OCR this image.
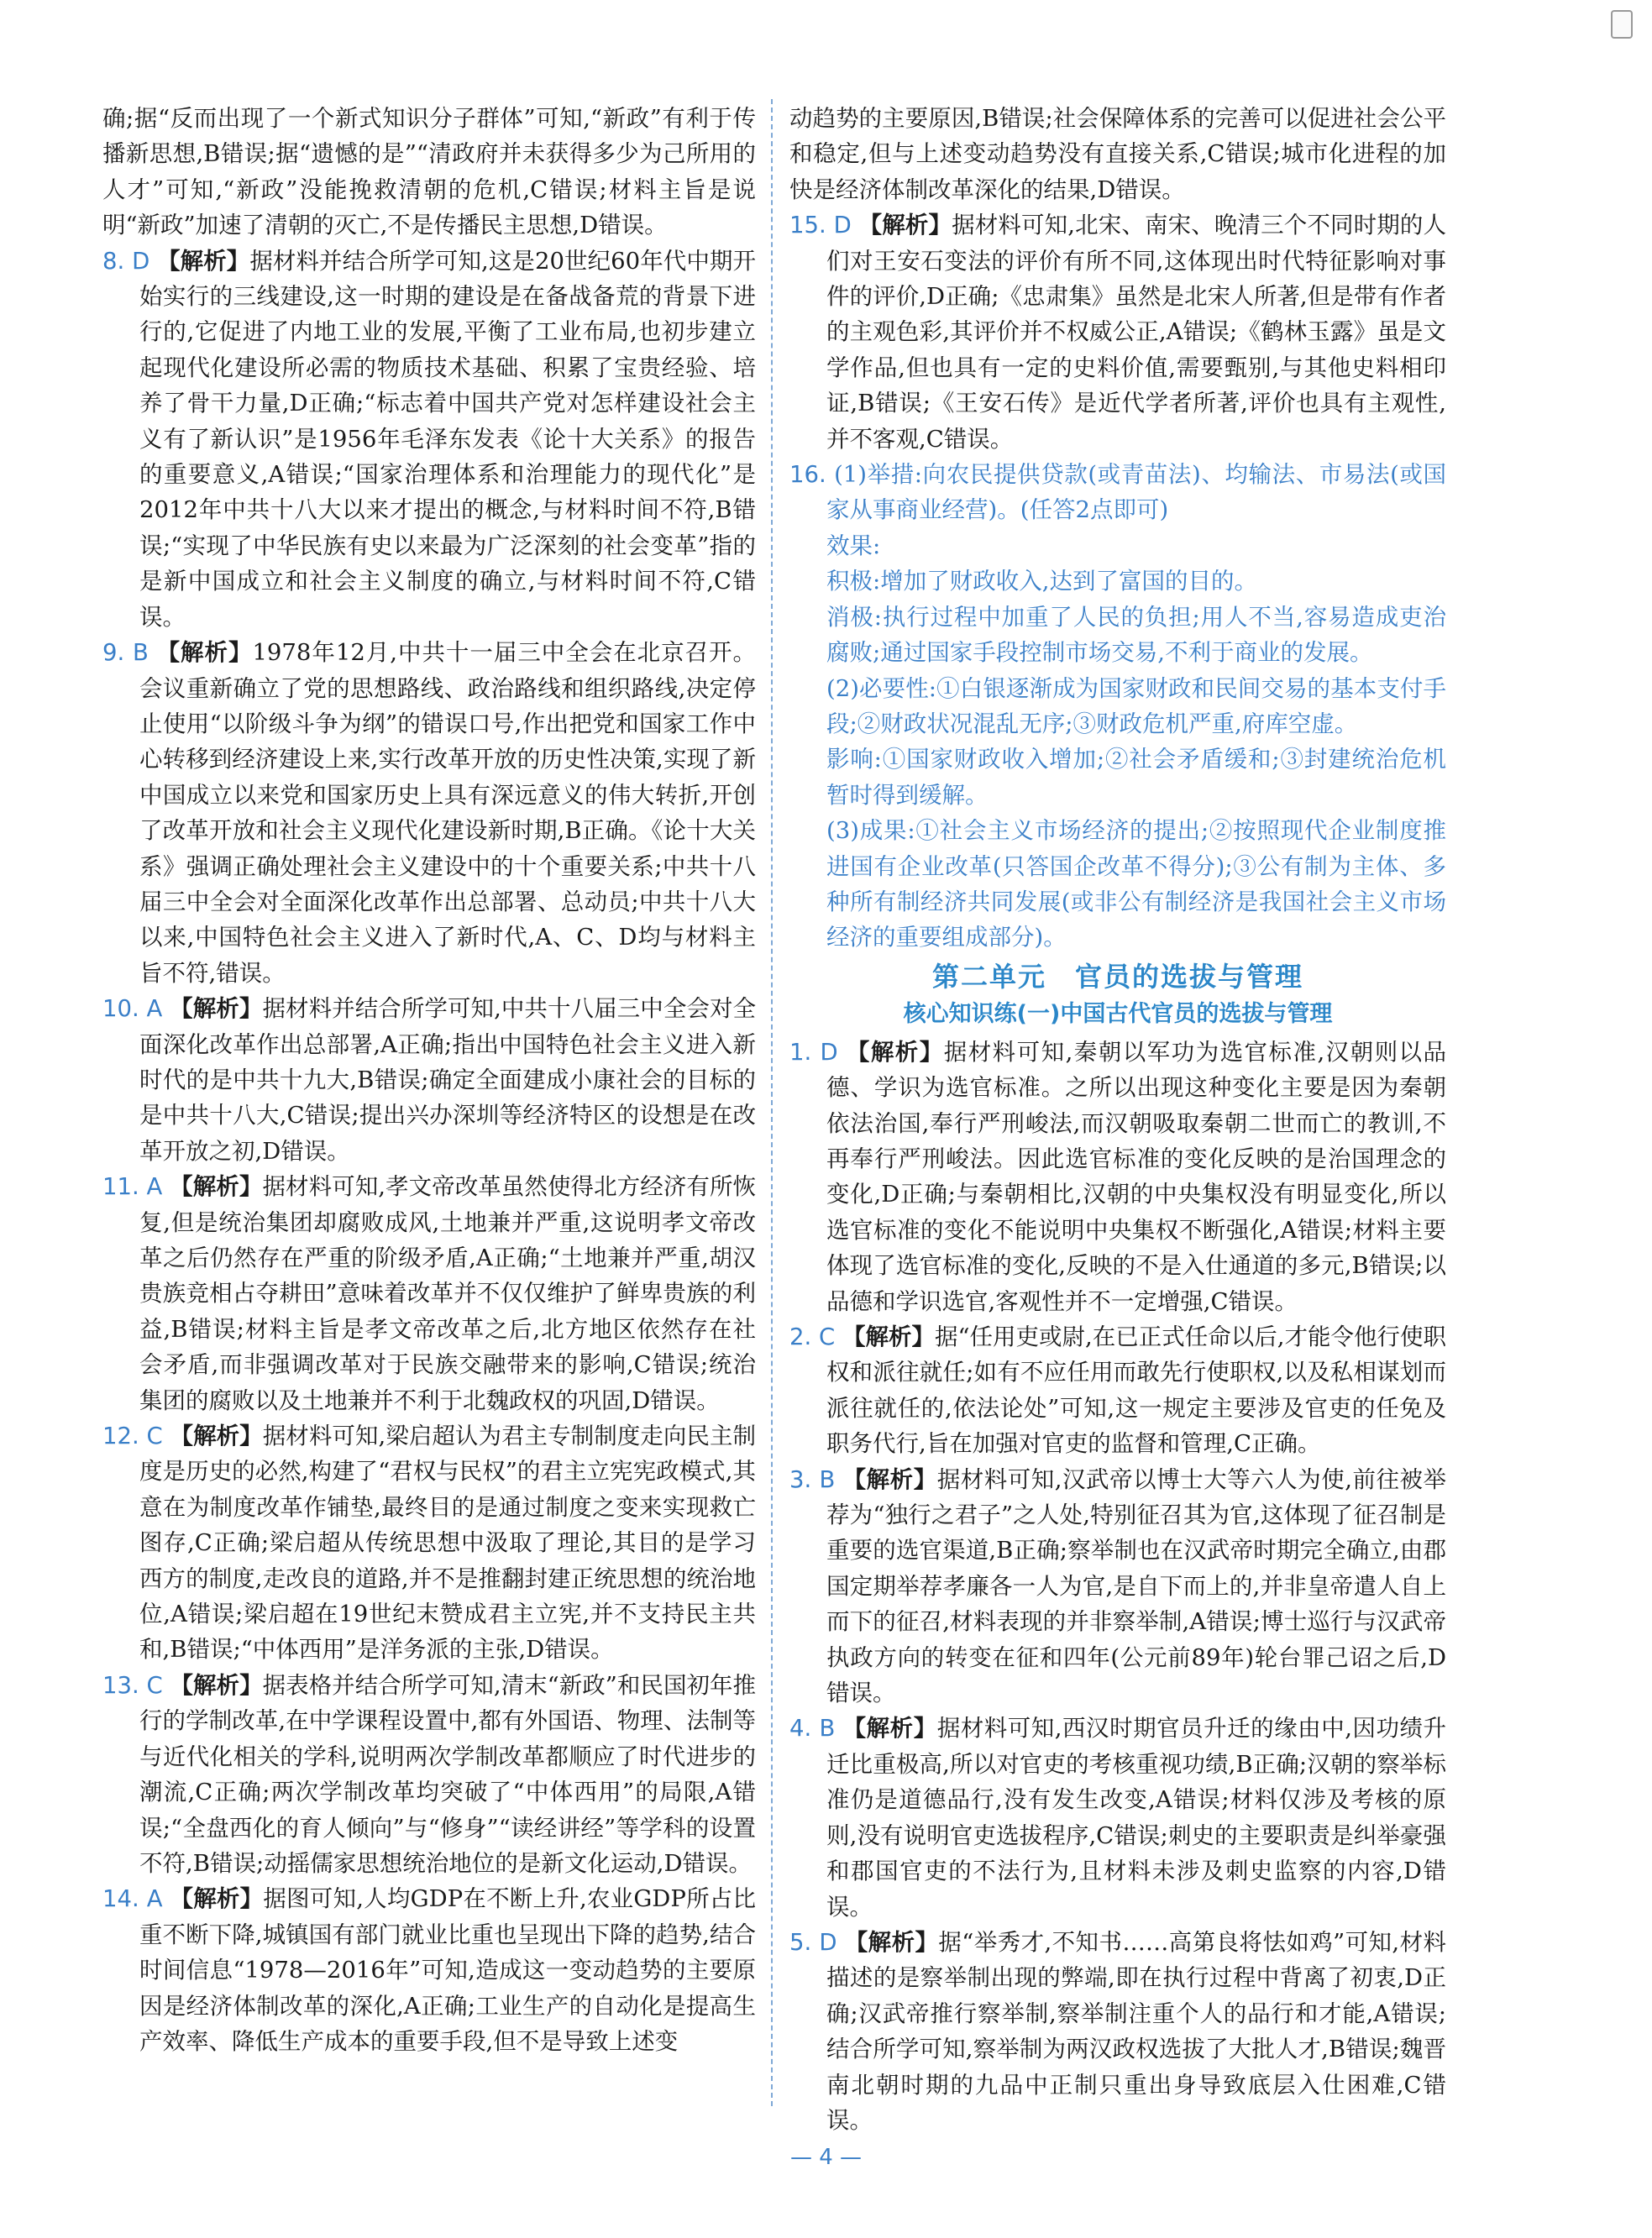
确;据“反而出现了一个新式知识分子群体”可知,“新政”有利于传播新思想,B错误;据“遗憾的是”“清政府并未获得多少为己所用的人才”可知,“新政”没能挽救清朝的危机,C错误;材料主旨是说明“新政”加速了清朝的灭亡,不是传播民主思想,D错误。

8. D 【解析】据材料并结合所学可知,这是20世纪60年代中期开始实行的三线建设,这一时期的建设是在备战备荒的背景下进行的,它促进了内地工业的发展,平衡了工业布局,也初步建立起现代化建设所必需的物质技术基础、积累了宝贵经验、培养了骨干力量,D正确;“标志着中国共产党对怎样建设社会主义有了新认识”是1956年毛泽东发表《论十大关系》的报告的重要意义,A错误;“国家治理体系和治理能力的现代化”是2012年中共十八大以来才提出的概念,与材料时间不符,B错误;“实现了中华民族有史以来最为广泛深刻的社会变革”指的是新中国成立和社会主义制度的确立,与材料时间不符,C错误。

9. B 【解析】1978年12月,中共十一届三中全会在北京召开。会议重新确立了党的思想路线、政治路线和组织路线,决定停止使用“以阶级斗争为纲”的错误口号,作出把党和国家工作中心转移到经济建设上来,实行改革开放的历史性决策,实现了新中国成立以来党和国家历史上具有深远意义的伟大转折,开创了改革开放和社会主义现代化建设新时期,B正确。《论十大关系》强调正确处理社会主义建设中的十个重要关系;中共十八届三中全会对全面深化改革作出总部署、总动员;中共十八大以来,中国特色社会主义进入了新时代,A、C、D均与材料主旨不符,错误。

10. A 【解析】据材料并结合所学可知,中共十八届三中全会对全面深化改革作出总部署,A正确;指出中国特色社会主义进入新时代的是中共十九大,B错误;确定全面建成小康社会的目标的是中共十八大,C错误;提出兴办深圳等经济特区的设想是在改革开放之初,D错误。

11. A 【解析】据材料可知,孝文帝改革虽然使得北方经济有所恢复,但是统治集团却腐败成风,土地兼并严重,这说明孝文帝改革之后仍然存在严重的阶级矛盾,A正确;“土地兼并严重,胡汉贵族竞相占夺耕田”意味着改革并不仅仅维护了鲜卑贵族的利益,B错误;材料主旨是孝文帝改革之后,北方地区依然存在社会矛盾,而非强调改革对于民族交融带来的影响,C错误;统治集团的腐败以及土地兼并不利于北魏政权的巩固,D错误。

12. C 【解析】据材料可知,梁启超认为君主专制制度走向民主制度是历史的必然,构建了“君权与民权”的君主立宪宪政模式,其意在为制度改革作铺垫,最终目的是通过制度之变来实现救亡图存,C正确;梁启超从传统思想中汲取了理论,其目的是学习西方的制度,走改良的道路,并不是推翻封建正统思想的统治地位,A错误;梁启超在19世纪末赞成君主立宪,并不支持民主共和,B错误;“中体西用”是洋务派的主张,D错误。

13. C 【解析】据表格并结合所学可知,清末“新政”和民国初年推行的学制改革,在中学课程设置中,都有外国语、物理、法制等与近代化相关的学科,说明两次学制改革都顺应了时代进步的潮流,C正确;两次学制改革均突破了“中体西用”的局限,A错误;“全盘西化的育人倾向”与“修身”“读经讲经”等学科的设置不符,B错误;动摇儒家思想统治地位的是新文化运动,D错误。

14. A 【解析】据图可知,人均GDP在不断上升,农业GDP所占比重不断下降,城镇国有部门就业比重也呈现出下降的趋势,结合时间信息“1978—2016年”可知,造成这一变动趋势的主要原因是经济体制改革的深化,A正确;工业生产的自动化是提高生产效率、降低生产成本的重要手段,但不是导致上述变

动趋势的主要原因,B错误;社会保障体系的完善可以促进社会公平和稳定,但与上述变动趋势没有直接关系,C错误;城市化进程的加快是经济体制改革深化的结果,D错误。

15. D 【解析】据材料可知,北宋、南宋、晚清三个不同时期的人们对王安石变法的评价有所不同,这体现出时代特征影响对事件的评价,D正确;《忠肃集》虽然是北宋人所著,但是带有作者的主观色彩,其评价并不权威公正,A错误;《鹤林玉露》虽是文学作品,但也具有一定的史料价值,需要甄别,与其他史料相印证,B错误;《王安石传》是近代学者所著,评价也具有主观性,并不客观,C错误。

16. (1)举措:向农民提供贷款(或青苗法)、均输法、市易法(或国家从事商业经营)。(任答2点即可)

效果:

积极:增加了财政收入,达到了富国的目的。

消极:执行过程中加重了人民的负担;用人不当,容易造成吏治腐败;通过国家手段控制市场交易,不利于商业的发展。

(2)必要性:①白银逐渐成为国家财政和民间交易的基本支付手段;②财政状况混乱无序;③财政危机严重,府库空虚。

影响:①国家财政收入增加;②社会矛盾缓和;③封建统治危机暂时得到缓解。

(3)成果:①社会主义市场经济的提出;②按照现代企业制度推进国有企业改革(只答国企改革不得分);③公有制为主体、多种所有制经济共同发展(或非公有制经济是我国社会主义市场经济的重要组成部分)。

第二单元　官员的选拔与管理
核心知识练(一)中国古代官员的选拔与管理

1. D 【解析】据材料可知,秦朝以军功为选官标准,汉朝则以品德、学识为选官标准。之所以出现这种变化主要是因为秦朝依法治国,奉行严刑峻法,而汉朝吸取秦朝二世而亡的教训,不再奉行严刑峻法。因此选官标准的变化反映的是治国理念的变化,D正确;与秦朝相比,汉朝的中央集权没有明显变化,所以选官标准的变化不能说明中央集权不断强化,A错误;材料主要体现了选官标准的变化,反映的不是入仕通道的多元,B错误;以品德和学识选官,客观性并不一定增强,C错误。

2. C 【解析】据“任用吏或尉,在已正式任命以后,才能令他行使职权和派往就任;如有不应任用而敢先行使职权,以及私相谋划而派往就任的,依法论处”可知,这一规定主要涉及官吏的任免及职务代行,旨在加强对官吏的监督和管理,C正确。

3. B 【解析】据材料可知,汉武帝以博士大等六人为使,前往被举荐为“独行之君子”之人处,特别征召其为官,这体现了征召制是重要的选官渠道,B正确;察举制也在汉武帝时期完全确立,由郡国定期举荐孝廉各一人为官,是自下而上的,并非皇帝遣人自上而下的征召,材料表现的并非察举制,A错误;博士巡行与汉武帝执政方向的转变在征和四年(公元前89年)轮台罪己诏之后,D错误。

4. B 【解析】据材料可知,西汉时期官员升迁的缘由中,因功绩升迁比重极高,所以对官吏的考核重视功绩,B正确;汉朝的察举标准仍是道德品行,没有发生改变,A错误;材料仅涉及考核的原则,没有说明官吏选拔程序,C错误;刺史的主要职责是纠举豪强和郡国官吏的不法行为,且材料未涉及刺史监察的内容,D错误。

5. D 【解析】据“举秀才,不知书……高第良将怯如鸡”可知,材料描述的是察举制出现的弊端,即在执行过程中背离了初衷,D正确;汉武帝推行察举制,察举制注重个人的品行和才能,A错误;结合所学可知,察举制为两汉政权选拔了大批人才,B错误;魏晋南北朝时期的九品中正制只重出身导致底层入仕困难,C错误。

— 4 —
